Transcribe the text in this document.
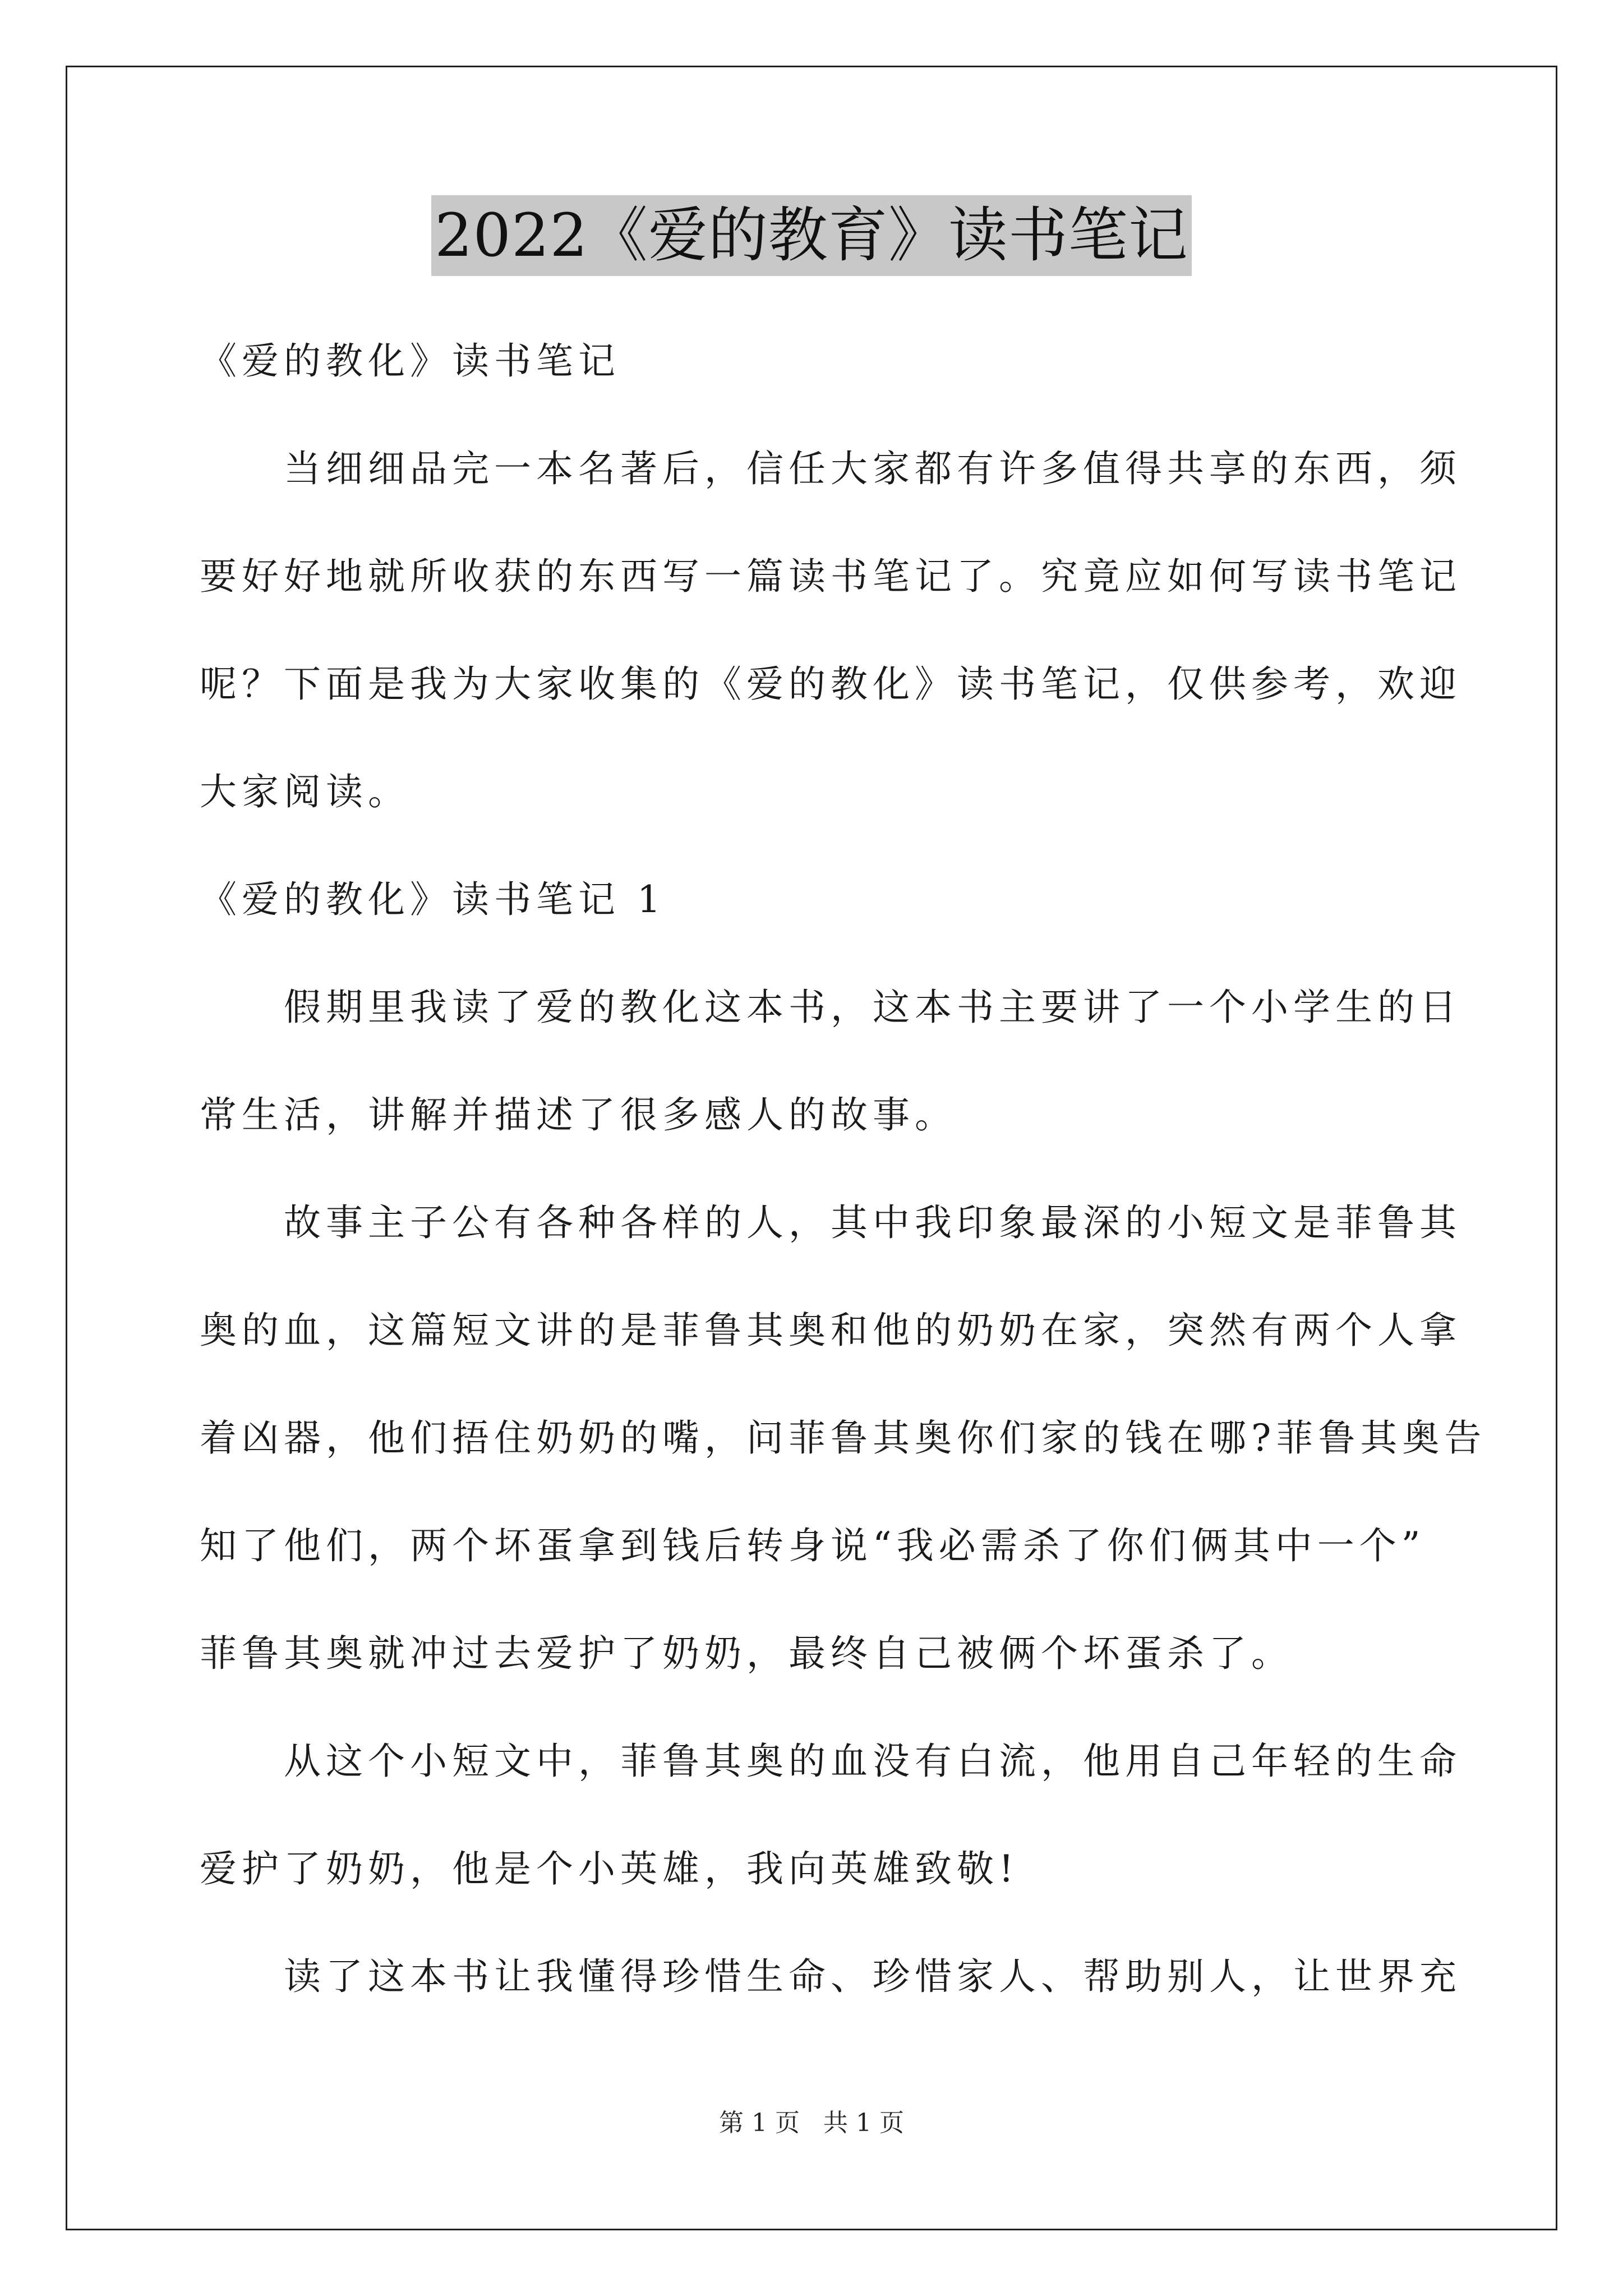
2022《爱的教育》读书笔记
《爱的教化》读书笔记
当细细品完一本名著后，信任大家都有许多值得共享的东西，须
要好好地就所收获的东西写一篇读书笔记了。究竟应如何写读书笔记
呢？下面是我为大家收集的《爱的教化》读书笔记，仅供参考，欢迎
大家阅读。
《爱的教化》读书笔记 1
假期里我读了爱的教化这本书，这本书主要讲了一个小学生的日
常生活，讲解并描述了很多感人的故事。
故事主子公有各种各样的人，其中我印象最深的小短文是菲鲁其
奥的血，这篇短文讲的是菲鲁其奥和他的奶奶在家，突然有两个人拿
着凶器，他们捂住奶奶的嘴，问菲鲁其奥你们家的钱在哪?菲鲁其奥告
知了他们，两个坏蛋拿到钱后转身说“我必需杀了你们俩其中一个”
菲鲁其奥就冲过去爱护了奶奶，最终自己被俩个坏蛋杀了。
从这个小短文中，菲鲁其奥的血没有白流，他用自己年轻的生命
爱护了奶奶，他是个小英雄，我向英雄致敬!
读了这本书让我懂得珍惜生命、珍惜家人、帮助别人，让世界充
第 1 页 共 1 页
